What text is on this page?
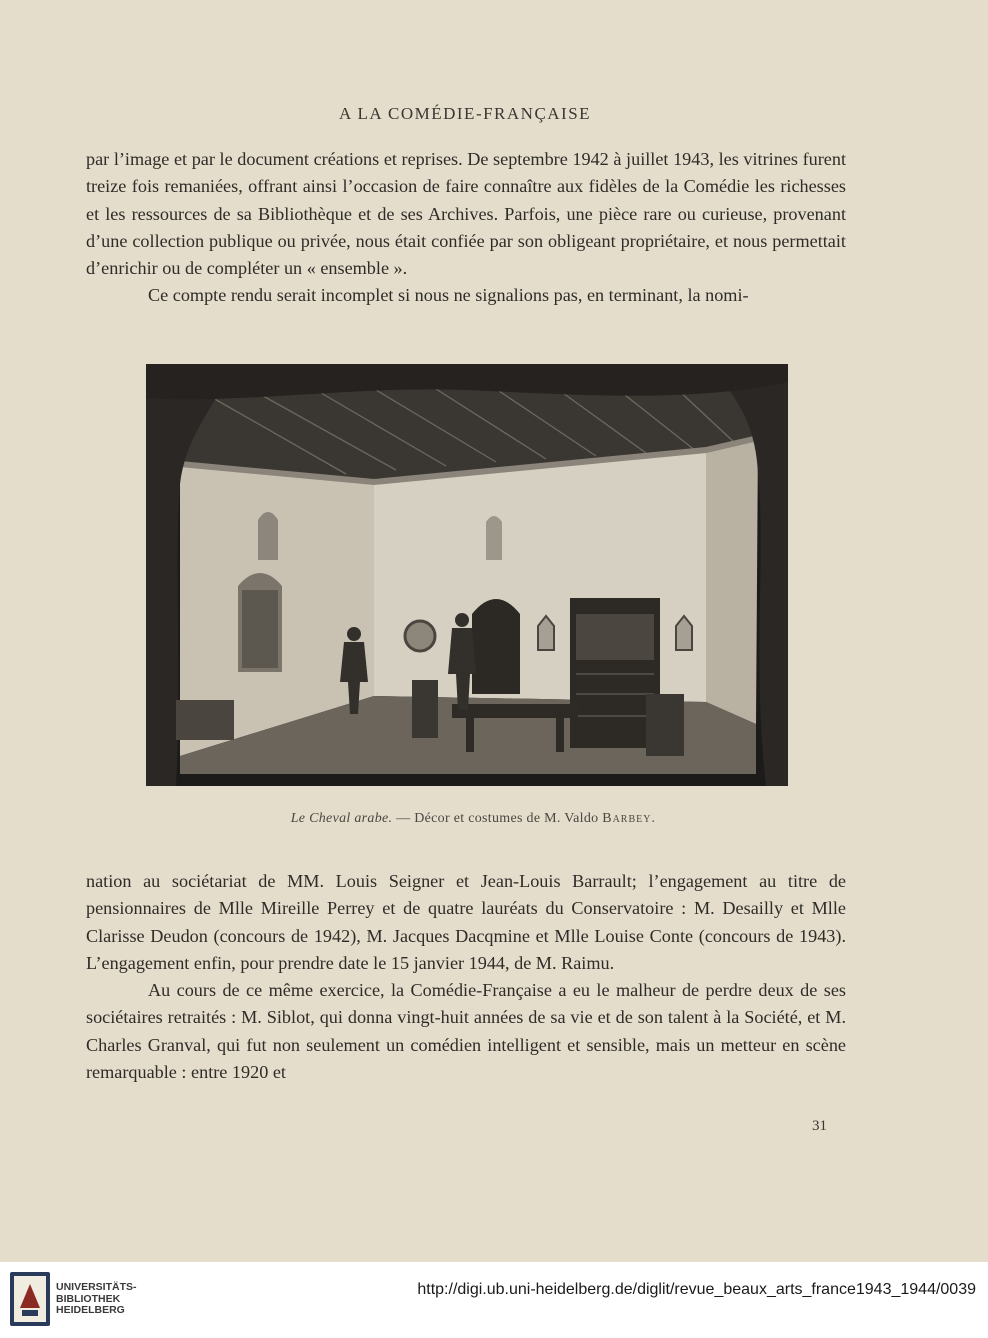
A LA COMÉDIE-FRANÇAISE

par l’image et par le document créations et reprises. De septembre 1942 à juillet 1943, les vitrines furent treize fois remaniées, offrant ainsi l’occasion de faire connaître aux fidèles de la Comédie les richesses et les ressources de sa Bibliothèque et de ses Archives. Parfois, une pièce rare ou curieuse, provenant d’une collection publique ou privée, nous était confiée par son obligeant propriétaire, et nous permettait d’enrichir ou de compléter un « ensemble ».

Ce compte rendu serait incomplet si nous ne signalions pas, en terminant, la nomi-

Le Cheval arabe. — Décor et costumes de M. Valdo Barbey.

nation au sociétariat de MM. Louis Seigner et Jean-Louis Barrault; l’engagement au titre de pensionnaires de Mlle Mireille Perrey et de quatre lauréats du Conservatoire : M. Desailly et Mlle Clarisse Deudon (concours de 1942), M. Jacques Dacqmine et Mlle Louise Conte (concours de 1943). L’engagement enfin, pour prendre date le 15 janvier 1944, de M. Raimu.

Au cours de ce même exercice, la Comédie-Française a eu le malheur de perdre deux de ses sociétaires retraités : M. Siblot, qui donna vingt-huit années de sa vie et de son talent à la Société, et M. Charles Granval, qui fut non seulement un comédien intelligent et sensible, mais un metteur en scène remarquable : entre 1920 et

31
UNIVERSITÄTS-
BIBLIOTHEK
HEIDELBERG
http://digi.ub.uni-heidelberg.de/diglit/revue_beaux_arts_france1943_1944/0039
